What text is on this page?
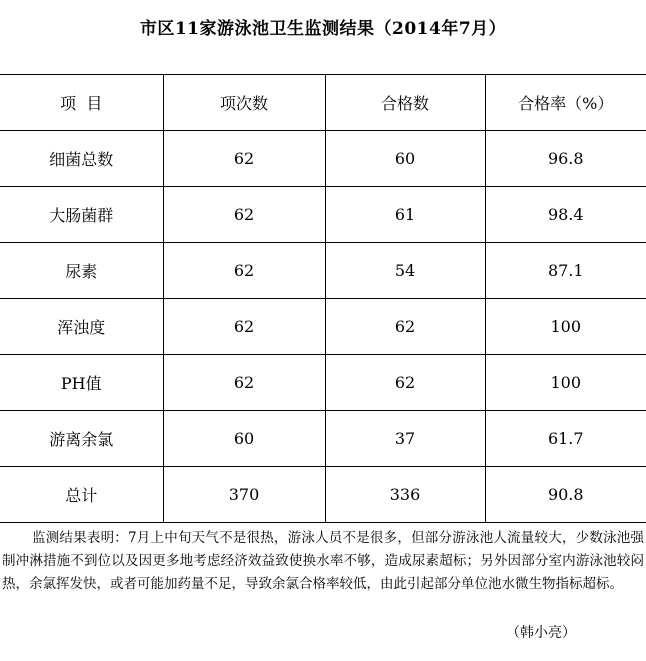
市区11家游泳池卫生监测结果（2014年7月）
项  目	项次数	合格数	合格率（%）
细菌总数	62	60	96.8
大肠菌群	62	61	98.4
尿素	62	54	87.1
浑浊度	62	62	100
PH值	62	62	100
游离余氯	60	37	61.7
总计	370	336	90.8
监测结果表明：7月上中旬天气不是很热，游泳人员不是很多，但部分游泳池人流量较大，少数泳池强制冲淋措施不到位以及因更多地考虑经济效益致使换水率不够，造成尿素超标；另外因部分室内游泳池较闷热，余氯挥发快，或者可能加药量不足，导致余氯合格率较低，由此引起部分单位池水微生物指标超标。
（韩小亮）
